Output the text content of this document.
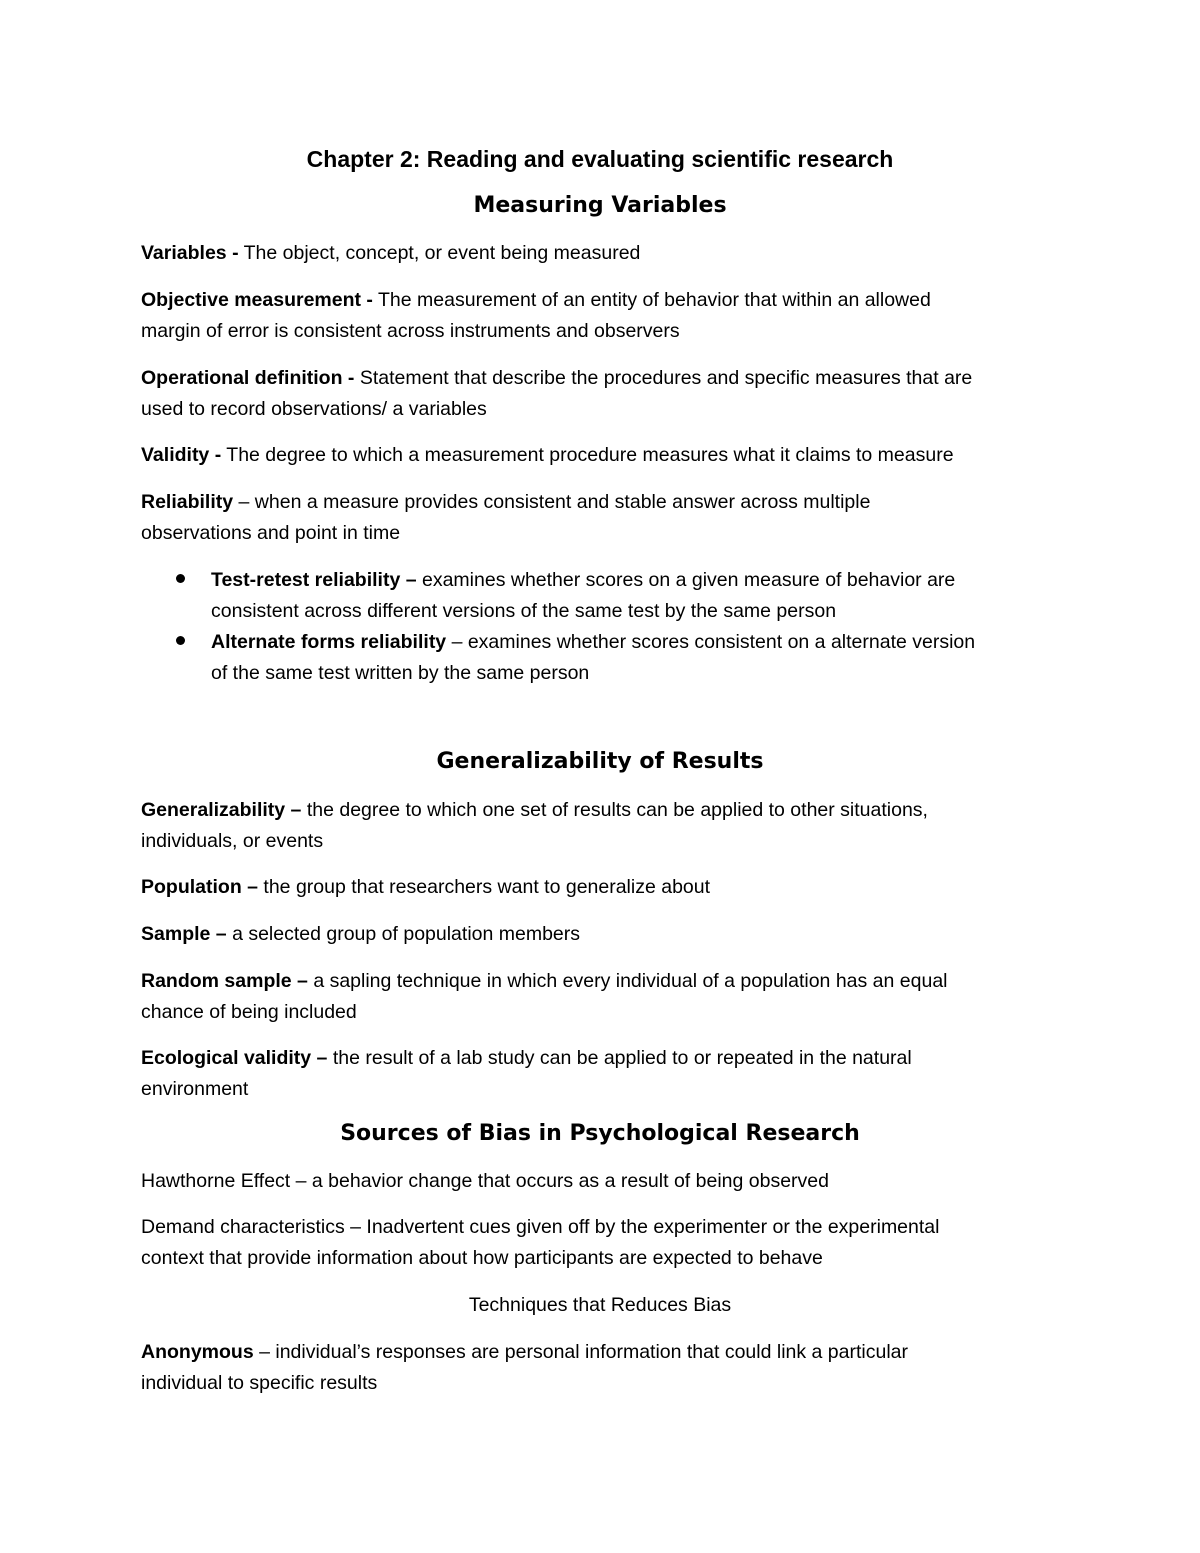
Chapter 2: Reading and evaluating scientific research
Measuring Variables
Variables - The object, concept, or event being measured
Objective measurement - The measurement of an entity of behavior that within an allowed
margin of error is consistent across instruments and observers
Operational definition - Statement that describe the procedures and specific measures that are
used to record observations/ a variables
Validity - The degree to which a measurement procedure measures what it claims to measure
Reliability – when a measure provides consistent and stable answer across multiple
observations and point in time
Test-retest reliability – examines whether scores on a given measure of behavior are
consistent across different versions of the same test by the same person
Alternate forms reliability – examines whether scores consistent on a alternate version
of the same test written by the same person
Generalizability of Results
Generalizability – the degree to which one set of results can be applied to other situations,
individuals, or events
Population – the group that researchers want to generalize about
Sample – a selected group of population members
Random sample – a sapling technique in which every individual of a population has an equal
chance of being included
Ecological validity – the result of a lab study can be applied to or repeated in the natural
environment
Sources of Bias in Psychological Research
Hawthorne Effect – a behavior change that occurs as a result of being observed
Demand characteristics – Inadvertent cues given off by the experimenter or the experimental
context that provide information about how participants are expected to behave
Techniques that Reduces Bias
Anonymous – individual’s responses are personal information that could link a particular
individual to specific results
